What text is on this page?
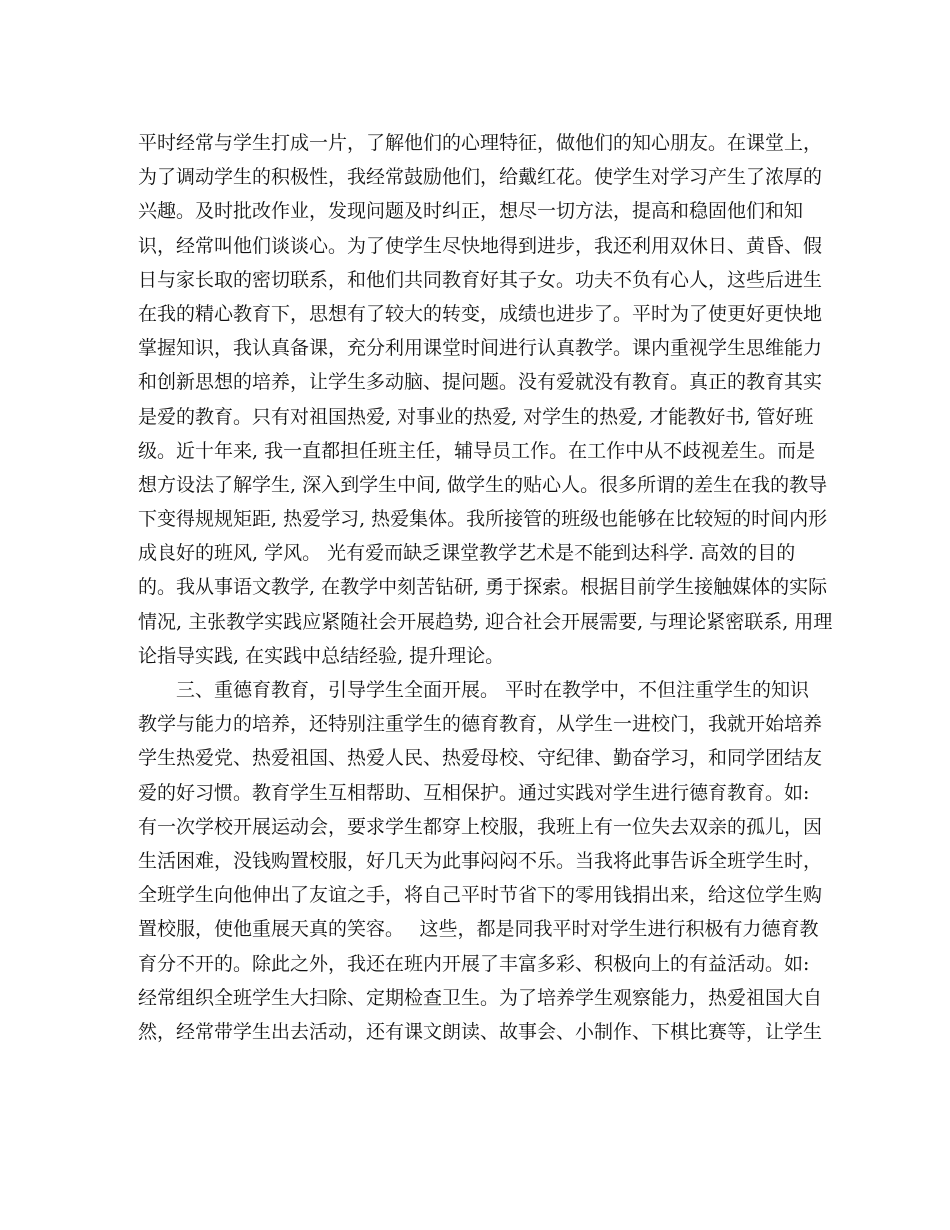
平时经常与学生打成一片，了解他们的心理特征，做他们的知心朋友。在课堂上，
为了调动学生的积极性，我经常鼓励他们，给戴红花。使学生对学习产生了浓厚的
兴趣。及时批改作业，发现问题及时纠正，想尽一切方法，提高和稳固他们和知
识，经常叫他们谈谈心。为了使学生尽快地得到进步，我还利用双休日、黄昏、假
日与家长取的密切联系，和他们共同教育好其子女。功夫不负有心人，这些后进生
在我的精心教育下，思想有了较大的转变，成绩也进步了。平时为了使更好更快地
掌握知识，我认真备课，充分利用课堂时间进行认真教学。课内重视学生思维能力
和创新思想的培养，让学生多动脑、提问题。没有爱就没有教育。真正的教育其实
是爱的教育。只有对祖国热爱, 对事业的热爱, 对学生的热爱, 才能教好书, 管好班
级。近十年来, 我一直都担任班主任，辅导员工作。在工作中从不歧视差生。而是
想方设法了解学生, 深入到学生中间, 做学生的贴心人。很多所谓的差生在我的教导
下变得规规矩距, 热爱学习, 热爱集体。我所接管的班级也能够在比较短的时间内形
成良好的班风, 学风。 光有爱而缺乏课堂教学艺术是不能到达科学. 高效的目的
的。我从事语文教学, 在教学中刻苦钻研, 勇于探索。根据目前学生接触媒体的实际
情况, 主张教学实践应紧随社会开展趋势, 迎合社会开展需要, 与理论紧密联系, 用理
论指导实践, 在实践中总结经验, 提升理论。
　　三、重德育教育，引导学生全面开展。 平时在教学中，不但注重学生的知识
教学与能力的培养，还特别注重学生的德育教育，从学生一进校门，我就开始培养
学生热爱党、热爱祖国、热爱人民、热爱母校、守纪律、勤奋学习，和同学团结友
爱的好习惯。教育学生互相帮助、互相保护。通过实践对学生进行德育教育。如:
有一次学校开展运动会，要求学生都穿上校服，我班上有一位失去双亲的孤儿，因
生活困难，没钱购置校服，好几天为此事闷闷不乐。当我将此事告诉全班学生时，
全班学生向他伸出了友谊之手，将自己平时节省下的零用钱捐出来，给这位学生购
置校服，使他重展天真的笑容。　 这些，都是同我平时对学生进行积极有力德育教
育分不开的。除此之外，我还在班内开展了丰富多彩、积极向上的有益活动。如:
经常组织全班学生大扫除、定期检查卫生。为了培养学生观察能力，热爱祖国大自
然，经常带学生出去活动，还有课文朗读、故事会、小制作、下棋比赛等，让学生
